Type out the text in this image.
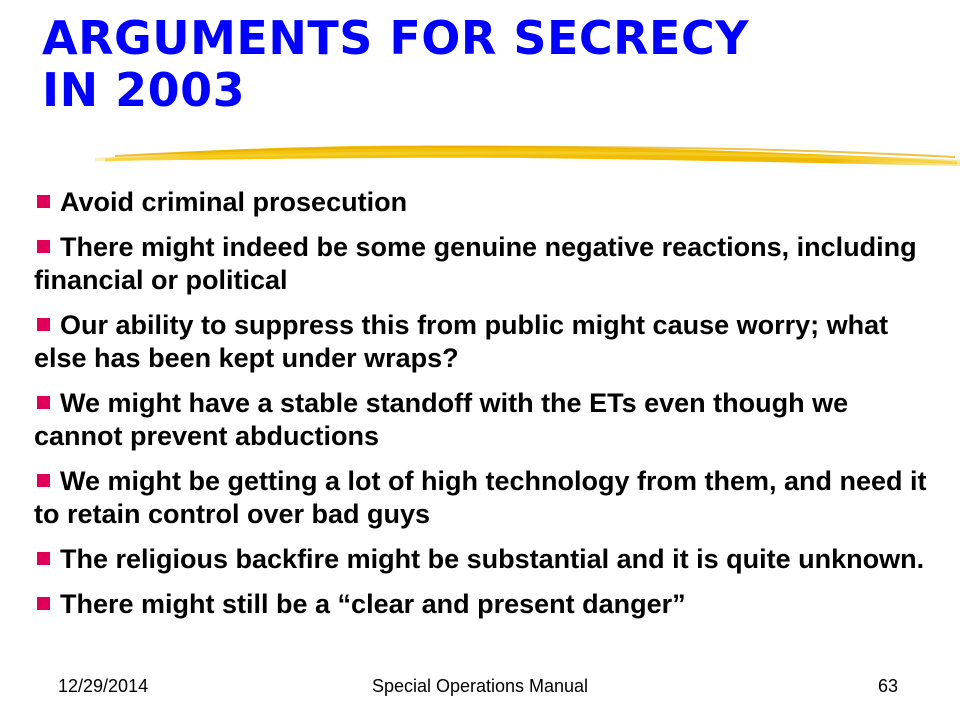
ARGUMENTS FOR SECRECY
IN 2003
Avoid criminal prosecution
There might indeed be some genuine negative reactions, including financial or political
Our ability to suppress this from public might cause worry; what else has been kept under wraps?
We might have a stable standoff with the ETs even though we cannot prevent abductions
We might be getting a lot of high technology from them, and need it to retain control over bad guys
The religious backfire might be substantial and it is quite unknown.
There might still be a “clear and present danger”
12/29/2014	Special Operations Manual	63
